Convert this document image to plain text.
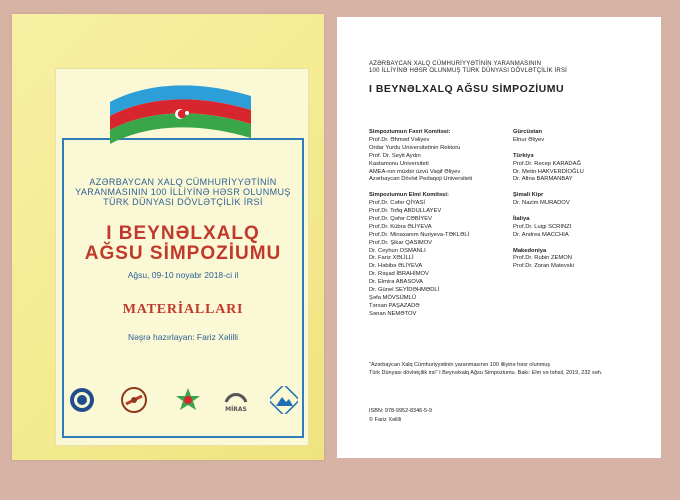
AZƏRBAYCAN XALQ CÜMHURİYYƏTİNİN
YARANMASININ 100 İLLİYİNƏ HƏSR OLUNMUŞ
TÜRK DÜNYASI DÖVLƏTÇİLİK İRSİ
I BEYNƏLXALQ
AĞSU SİMPOZİUMU
Ağsu, 09-10 noyabr 2018-ci il
MATERİALLARI
Nəşrə hazırlayan: Fariz Xəlilli
MİRAS
AZƏRBAYCAN XALQ CÜMHURİYYƏTİNİN YARANMASININ
100 İLLİYİNƏ HƏSR OLUNMUŞ TÜRK DÜNYASI DÖVLƏTÇİLİK İRSİ
I BEYNƏLXALQ AĞSU SİMPOZİUMU
Simpoziumun Fəxri Komitəsi:
Prof.Dr. Əhməd Vəliyev
Ordar Yurdu Universitetinin Rektoru
Prof. Dr. Seyit Aydın
Kastamonu Universiteti
AMEA-nın müxbir üzvü Vaqif Əliyev
Azərbaycan Dövlət Pedaqoji Universiteti
Simpoziumun Elmi Komitəsi:
Prof.Dr. Cəfər QİYASİ
Prof.Dr. Tofiq ABDULLAYEV
Prof.Dr. Qəfər CƏBİYEV
Prof.Dr. Kübra ƏLİYEVA
Prof.Dr. Minaxanım Nuriyeva-TƏKLƏLİ
Prof.Dr. Şikar QASIMOV
Dr. Ceyhun OSMANLI
Dr. Fariz XƏLİLLİ
Dr. Həbibə ƏLİYEVA
Dr. Rəşad İBRAHİMOV
Dr. Elmira ABASOVA
Dr. Günel SEYİDƏHMƏDLİ
Şəfa MÖVSÜMLÜ
Tərxan PAŞAZADƏ
Sənan NEMƏTOV
Gürcüstan
Elnur Əliyev
Türkiyə
Prof.Dr. Recep KARADAĞ
Dr. Metin HAKVERDİOĞLU
Dr. Afina BARMANBAY
Şimali Kipr
Dr. Nazim MURADOV
İtaliya
Prof.Dr. Luigi SCRINZI
Dr. Andrea MACCHIA
Makedoniya
Prof.Dr. Rubin ZEMON
Prof.Dr. Zoran Matevski
"Azərbaycan Xalq Cümhuriyyətinin yaranmasının 100 illiyinə həsr olunmuş
Türk Dünyası dövlətçilik irsi" I Beynəlxalq Ağsu Simpoziumu. Bakı: Elm və təhsil, 2019, 232 səh.
ISBN: 978-9952-8346-5-9
© Fariz Xəlilli
